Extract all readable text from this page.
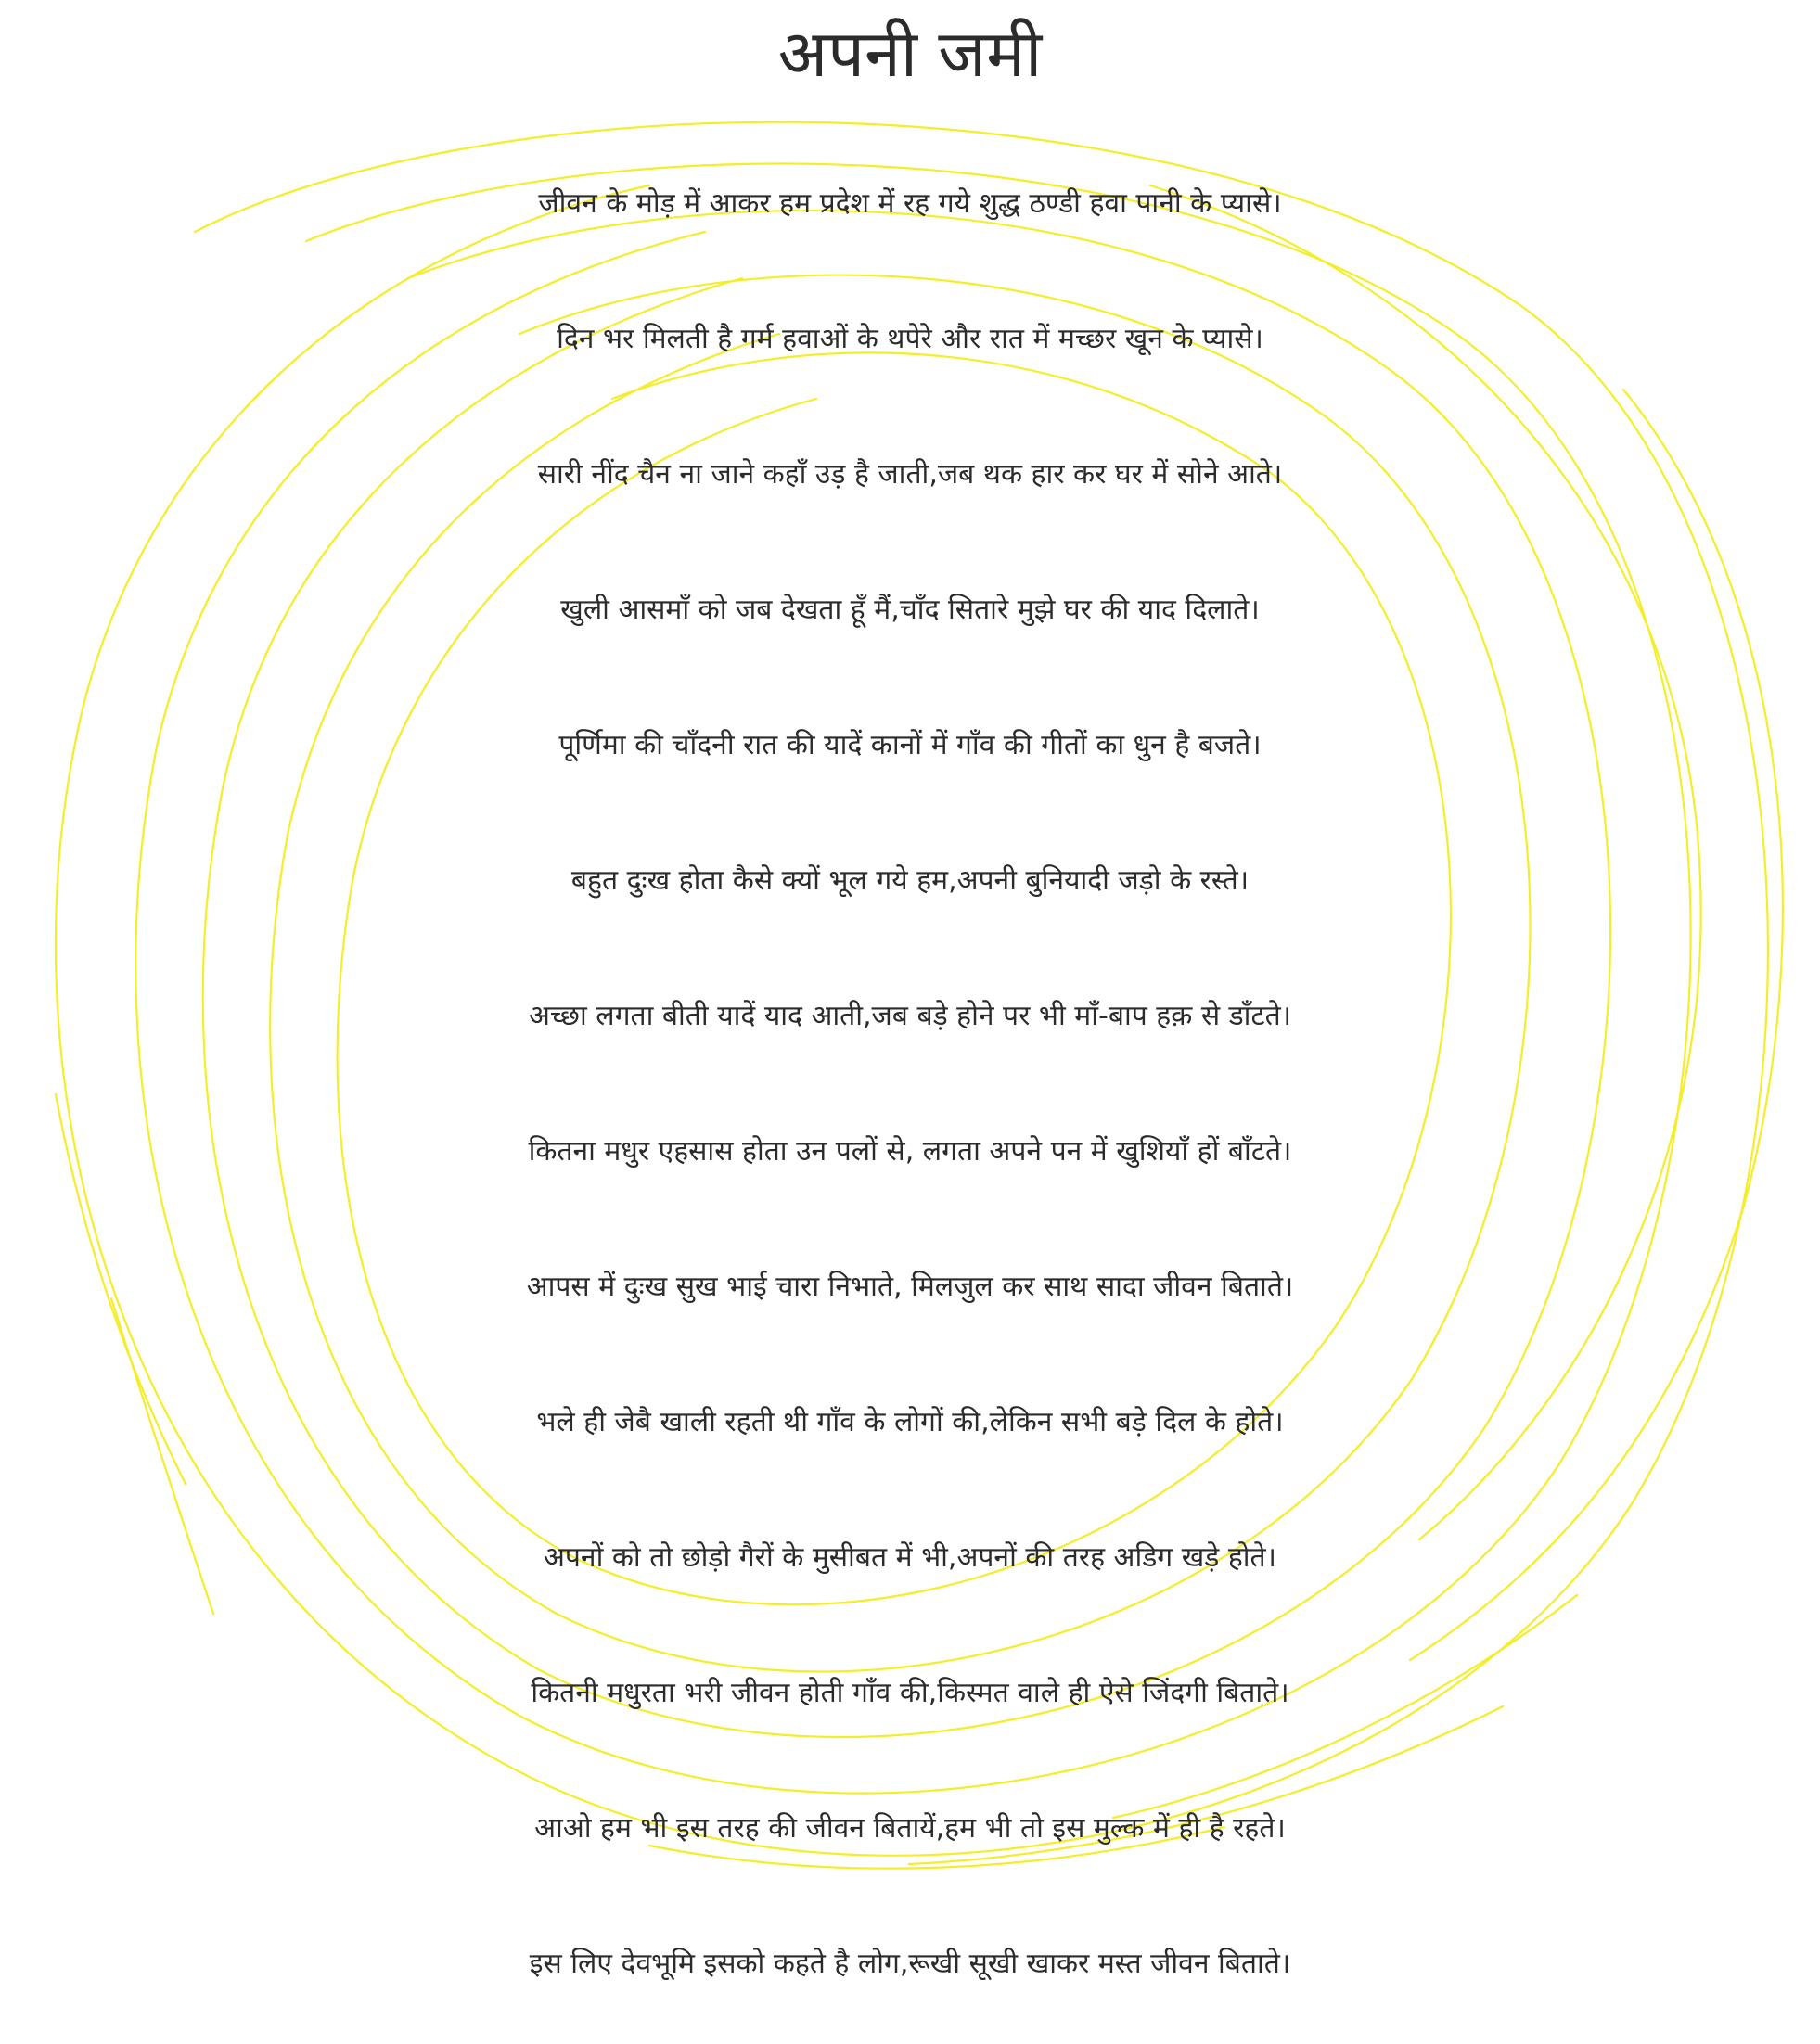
अपनी जमी
जीवन के मोड़ में आकर हम प्रदेश में रह गये शुद्ध ठण्डी हवा पानी के प्यासे।
दिन भर मिलती है गर्म हवाओं के थपेरे और रात में मच्छर खून के प्यासे।
सारी नींद चैन ना जाने कहाँ उड़ है जाती,जब थक हार कर घर में सोने आते।
खुली आसमाँ को जब देखता हूँ मैं,चाँद सितारे मुझे घर की याद दिलाते।
पूर्णिमा की चाँदनी रात की यादें कानों में गाँव की गीतों का धुन है बजते।
बहुत दुःख होता कैसे क्यों भूल गये हम,अपनी बुनियादी जड़ो के रस्ते।
अच्छा लगता बीती यादें याद आती,जब बड़े होने पर भी माँ-बाप हक़ से डाँटते।
कितना मधुर एहसास होता उन पलों से, लगता अपने पन में खुशियाँ हों बाँटते।
आपस में दुःख सुख भाई चारा निभाते, मिलजुल कर साथ सादा जीवन बिताते।
भले ही जेबै खाली रहती थी गाँव के लोगों की,लेकिन सभी बड़े दिल के होते।
अपनों को तो छोड़ो गैरों के मुसीबत में भी,अपनों की तरह अडिग खड़े होते।
कितनी मधुरता भरी जीवन होती गाँव की,किस्मत वाले ही ऐसे जिंदगी बिताते।
आओ हम भी इस तरह की जीवन बितायें,हम भी तो इस मुल्क में ही है रहते।
इस लिए देवभूमि इसको कहते है लोग,रूखी सूखी खाकर मस्त जीवन बिताते।
